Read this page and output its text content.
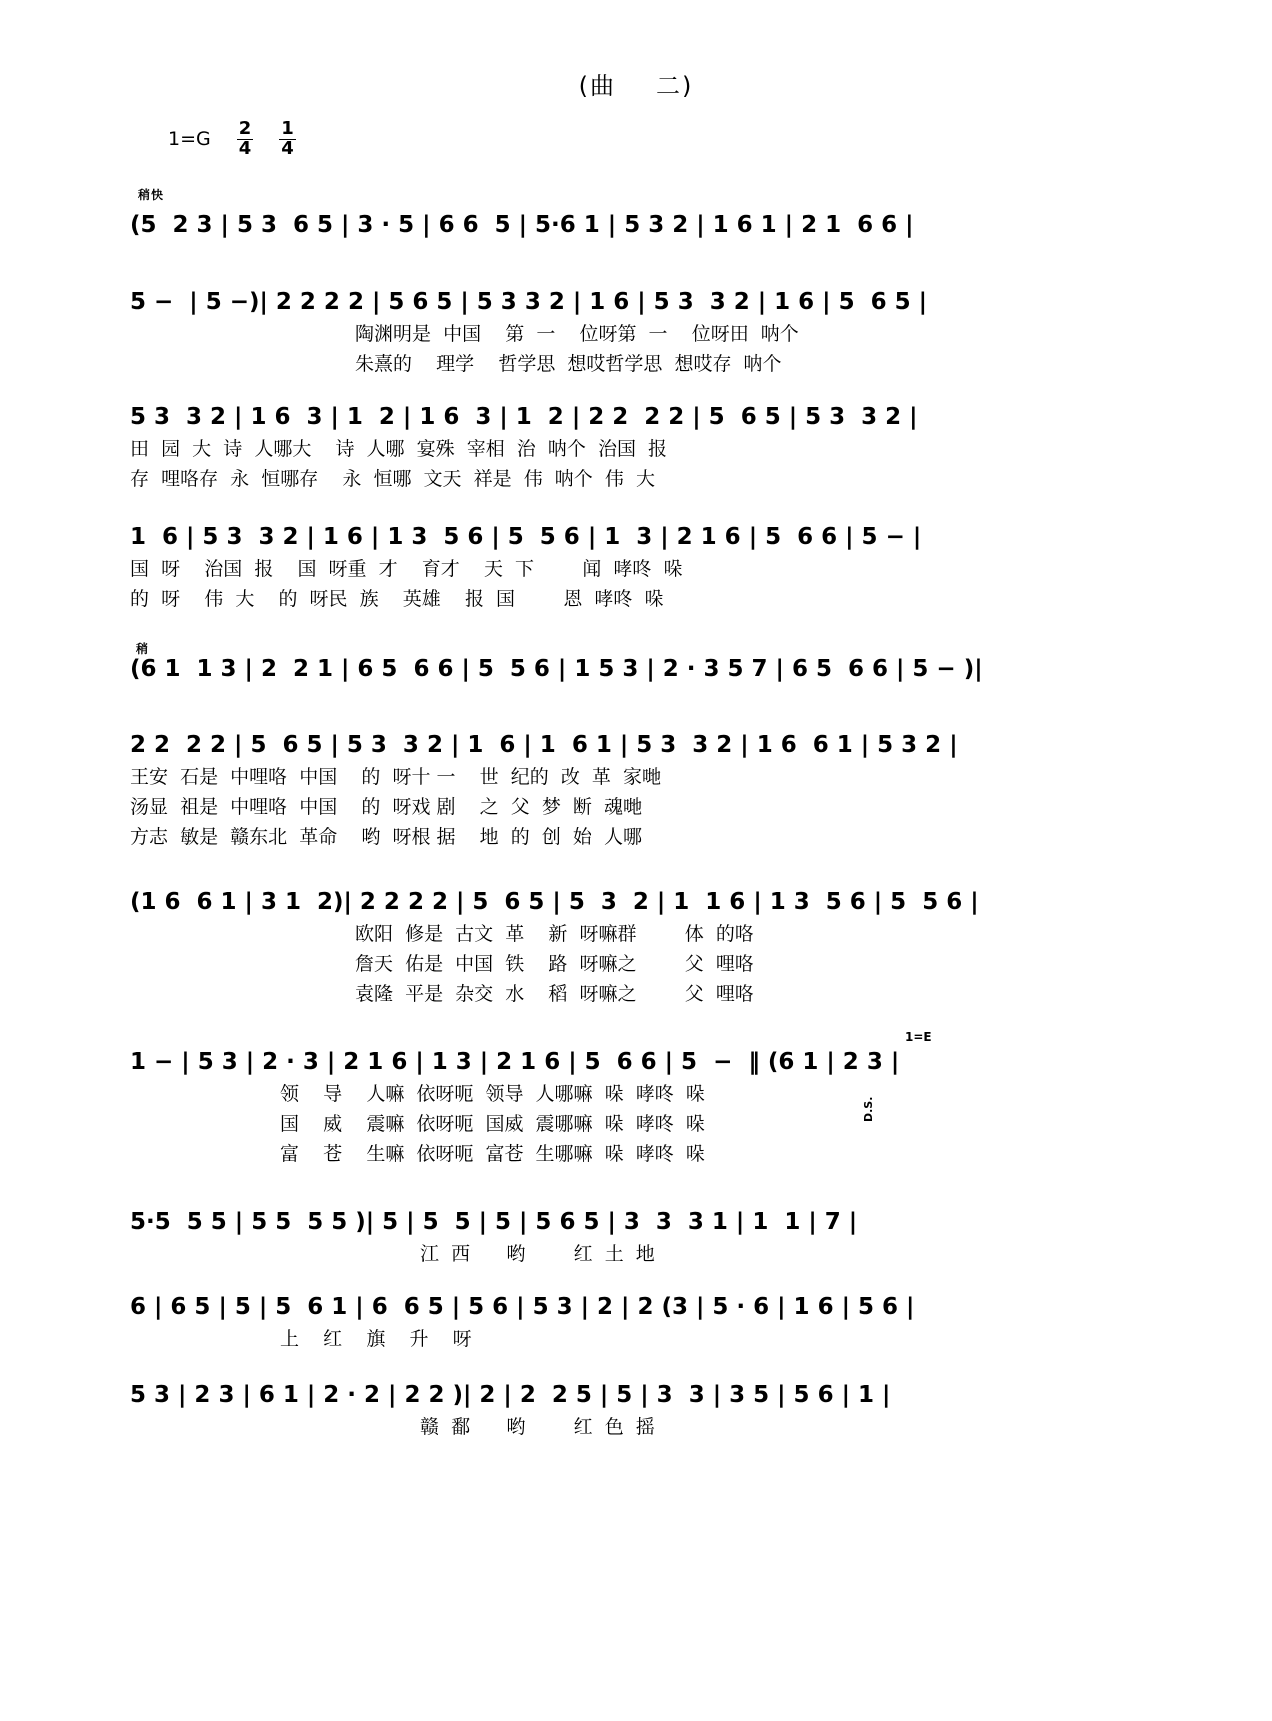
(曲 二)
$1=G \frac{2}{4} \frac{1}{4}$
稍快
(5  2 3 | 5 3  6 5 | 3 · 5 | 6 6  5 | 5·6 1 | 5 3 2 | 1 6 1 | 2 1  6 6 |
5 −  | 5 −)| 2 2 2 2 | 5 6 5 | 5 3 3 2 | 1 6 | 5 3  3 2 | 1 6 | 5  6 5 |
陶渊明是  中国    第  一    位呀第  一    位呀田  呐个
朱熹的    理学    哲学思  想哎哲学思  想哎存  呐个
5 3  3 2 | 1 6  3 | 1  2 | 1 6  3 | 1  2 | 2 2  2 2 | 5  6 5 | 5 3  3 2 |
田  园  大  诗  人哪大    诗  人哪  宴殊  宰相  治  呐个  治国  报
存  哩咯存  永  恒哪存    永  恒哪  文天  祥是  伟  呐个  伟  大
1  6 | 5 3  3 2 | 1 6 | 1 3  5 6 | 5  5 6 | 1  3 | 2 1 6 | 5  6 6 | 5 − |
国  呀    治国  报    国  呀重  才    育才    天  下        闻  哮咚  哚
的  呀    伟  大    的  呀民  族    英雄    报  国        恩  哮咚  哚
稍
(6 1  1 3 | 2  2 1 | 6 5  6 6 | 5  5 6 | 1 5 3 | 2 · 3 5 7 | 6 5  6 6 | 5 − )|
2 2  2 2 | 5  6 5 | 5 3  3 2 | 1  6 | 1  6 1 | 5 3  3 2 | 1 6  6 1 | 5 3 2 |
王安  石是  中哩咯  中国    的  呀十 一    世  纪的  改  革  家哋
汤显  祖是  中哩咯  中国    的  呀戏 剧    之  父  梦  断  魂哋
方志  敏是  赣东北  革命    哟  呀根 据    地  的  创  始  人哪
(1 6  6 1 | 3 1  2)| 2 2 2 2 | 5  6 5 | 5  3  2 | 1  1 6 | 1 3  5 6 | 5  5 6 |
欧阳  修是  古文  革    新  呀嘛群        体  的咯
詹天  佑是  中国  铁    路  呀嘛之        父  哩咯
袁隆  平是  杂交  水    稻  呀嘛之        父  哩咯
1=E
1 − | 5 3 | 2 · 3 | 2 1 6 | 1 3 | 2 1 6 | 5  6 6 | 5  −  ‖ (6 1 | 2 3 |
领    导    人嘛  依呀呃  领导  人哪嘛  哚  哮咚  哚
国    威    震嘛  依呀呃  国威  震哪嘛  哚  哮咚  哚
富    苍    生嘛  依呀呃  富苍  生哪嘛  哚  哮咚  哚
D.S.
5·5  5 5 | 5 5  5 5 )| 5 | 5  5 | 5 | 5 6 5 | 3  3  3 1 | 1  1 | 7 |
江  西      哟        红  土  地
6 | 6 5 | 5 | 5  6 1 | 6  6 5 | 5 6 | 5 3 | 2 | 2 (3 | 5 · 6 | 1 6 | 5 6 |
上    红    旗    升    呀
5 3 | 2 3 | 6 1 | 2 · 2 | 2 2 )| 2 | 2  2 5 | 5 | 3  3 | 3 5 | 5 6 | 1 |
赣  鄱      哟        红  色  摇
